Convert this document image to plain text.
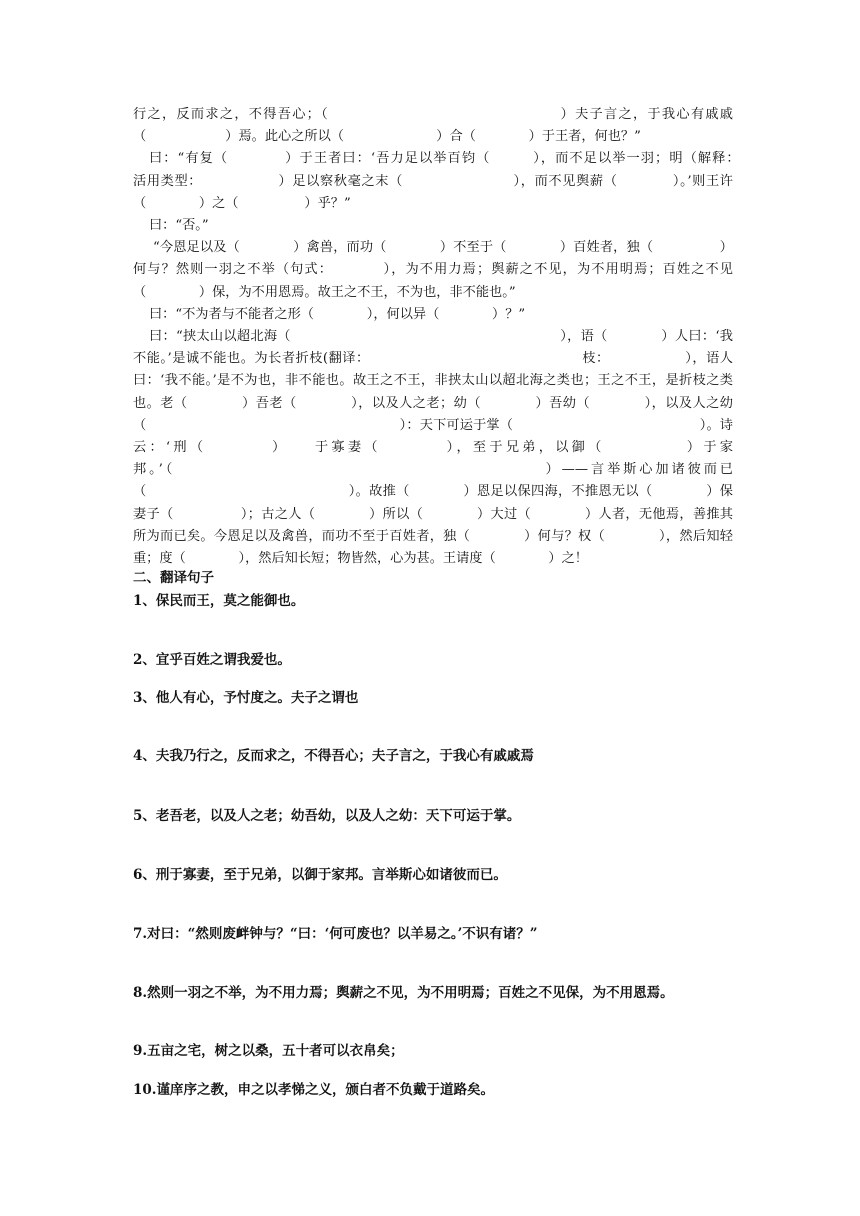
行之，反而求之，不得吾心；（　　　　　　　　　　　　　　　　）夫子言之，于我心有戚戚（　　　　　　）焉。此心之所以（　　　　　　　）合（　　　　）于王者，何也？”

曰：“有复（　　　　）于王者曰：‘吾力足以举百钧（　　　），而不足以举一羽；明（解释：　　　　　活用类型：　　　　　　）足以察秋毫之末（　　　　　　　　），而不见舆薪（　　　　）。’则王许（　　　　）之（　　　　　）乎？”

曰：“否。”

“今恩足以及（　　　　）禽兽，而功（　　　　）不至于（　　　　）百姓者，独（　　　　　）何与？然则一羽之不举（句式：　　　　），为不用力焉；舆薪之不见，为不用明焉；百姓之不见（　　　　）保，为不用恩焉。故王之不王，不为也，非不能也。”

曰：“不为者与不能者之形（　　　　），何以异（　　　　）？”

曰：“挟太山以超北海（　　　　　　　　　　　　　　　　　　　　），语（　　　　）人曰：‘我不能。’是诚不能也。为长者折枝(翻译：　　　　　　　　　　　　　　　　枝：　　　　　　），语人曰：‘我不能。’是不为也，非不能也。故王之不王，非挟太山以超北海之类也；王之不王，是折枝之类也。老（　　　　）吾老（　　　　），以及人之老；幼（　　　　）吾幼（　　　　），以及人之幼（　　　　　　　　　　　　　　　　　　　）：天下可运于掌（　　　　　　　　　　　　　　）。诗云：‘刑（　　　　）　　于寡妻（　　　　），至于兄弟，以御（　　　　　）于家邦。’（　　　　　　　　　　　　　　　　　　　　　　　）——言举斯心加诸彼而已（　　　　　　　　　　　　　　　）。故推（　　　　）恩足以保四海，不推恩无以（　　　　）保妻子（　　　　　）；古之人（　　　　）所以（　　　　）大过（　　　　）人者，无他焉，善推其所为而已矣。今恩足以及禽兽，而功不至于百姓者，独（　　　　）何与？权（　　　　），然后知轻重；度（　　　　），然后知长短；物皆然，心为甚。王请度（　　　　）之！

二、翻译句子
1、保民而王，莫之能御也。
2、宜乎百姓之谓我爱也。
3、他人有心，予忖度之。夫子之谓也
4、夫我乃行之，反而求之，不得吾心；夫子言之，于我心有戚戚焉
5、老吾老，以及人之老；幼吾幼，以及人之幼：天下可运于掌。
6、刑于寡妻，至于兄弟，以御于家邦。言举斯心如诸彼而已。
7.对曰：“然则废衅钟与？“曰：‘何可废也？以羊易之。’不识有诸？”
8.然则一羽之不举，为不用力焉；舆薪之不见，为不用明焉；百姓之不见保，为不用恩焉。
9.五亩之宅，树之以桑，五十者可以衣帛矣；
10.谨庠序之教，申之以孝悌之义，颁白者不负戴于道路矣。
